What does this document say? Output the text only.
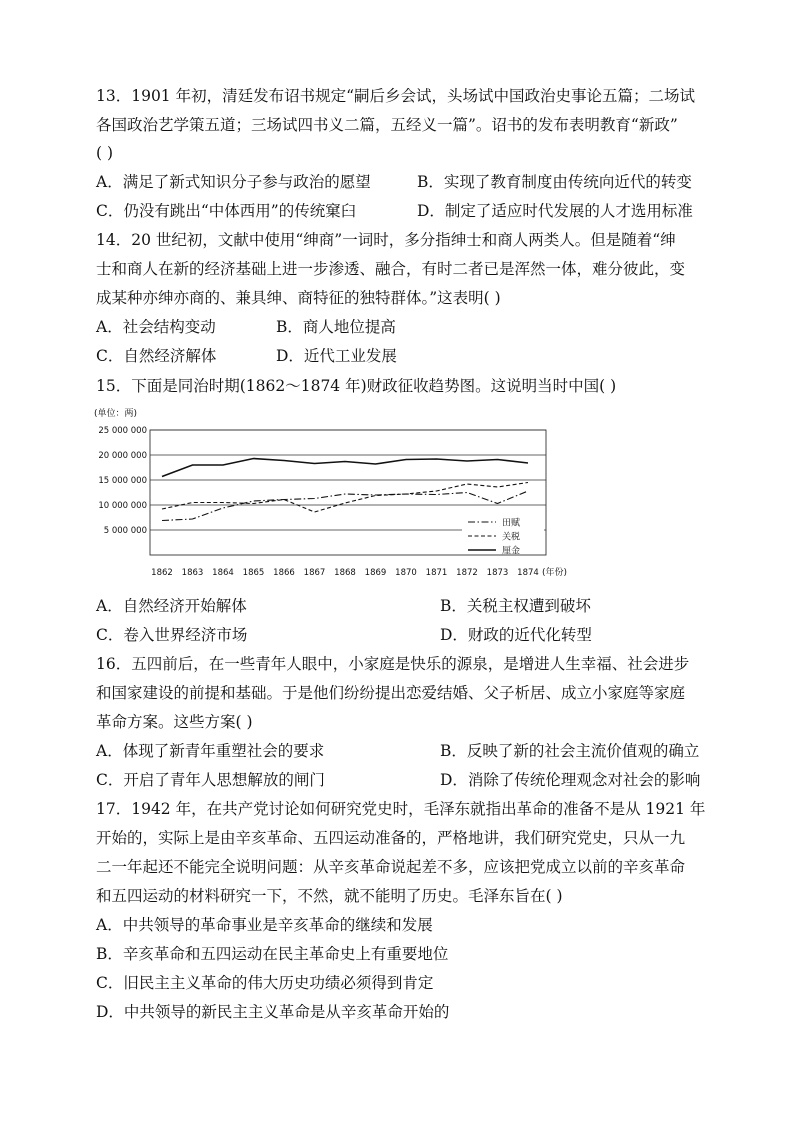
13．1901 年初，清廷发布诏书规定“嗣后乡会试，头场试中国政治史事论五篇；二场试
各国政治艺学策五道；三场试四书义二篇，五经义一篇”。诏书的发布表明教育“新政”
( )
A．满足了新式知识分子参与政治的愿望	B．实现了教育制度由传统向近代的转变
C．仍没有跳出“中体西用”的传统窠臼	D．制定了适应时代发展的人才选用标准
14．20 世纪初，文献中使用“绅商”一词时，多分指绅士和商人两类人。但是随着“绅
士和商人在新的经济基础上进一步渗透、融合，有时二者已是浑然一体，难分彼此，变
成某种亦绅亦商的、兼具绅、商特征的独特群体。”这表明( )
A．社会结构变动	B．商人地位提高
C．自然经济解体	D．近代工业发展
15．下面是同治时期(1862～1874 年)财政征收趋势图。这说明当时中国( )
(单位：两)
5 000 000
10 000 000
15 000 000
20 000 000
25 000 000
1862 1863 1864 1865 1866 1867 1868 1869 1870 1871 1872 1873 1874
田赋
关税
厘金
(年份)
A．自然经济开始解体	B．关税主权遭到破坏
C．卷入世界经济市场	D．财政的近代化转型
16．五四前后，在一些青年人眼中，小家庭是快乐的源泉，是增进人生幸福、社会进步
和国家建设的前提和基础。于是他们纷纷提出恋爱结婚、父子析居、成立小家庭等家庭
革命方案。这些方案( )
A．体现了新青年重塑社会的要求	B．反映了新的社会主流价值观的确立
C．开启了青年人思想解放的闸门	D．消除了传统伦理观念对社会的影响
17．1942 年，在共产党讨论如何研究党史时，毛泽东就指出革命的准备不是从 1921 年
开始的，实际上是由辛亥革命、五四运动准备的，严格地讲，我们研究党史，只从一九
二一年起还不能完全说明问题：从辛亥革命说起差不多，应该把党成立以前的辛亥革命
和五四运动的材料研究一下，不然，就不能明了历史。毛泽东旨在( )
A．中共领导的革命事业是辛亥革命的继续和发展
B．辛亥革命和五四运动在民主革命史上有重要地位
C．旧民主主义革命的伟大历史功绩必须得到肯定
D．中共领导的新民主主义革命是从辛亥革命开始的
